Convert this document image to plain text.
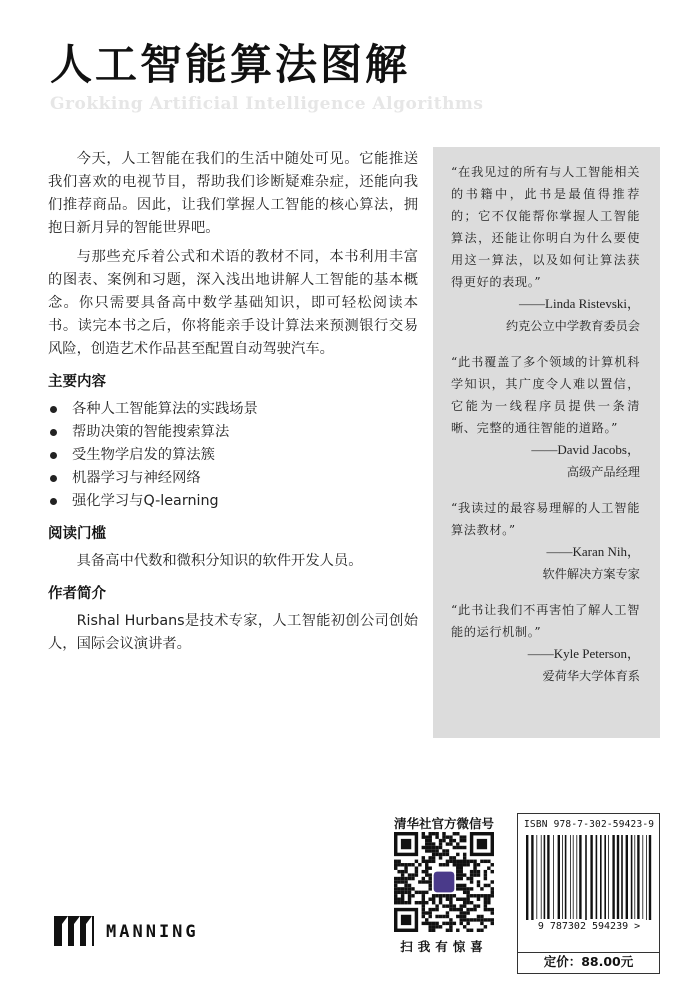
人工智能算法图解
Grokking Artificial Intelligence Algorithms

今天，人工智能在我们的生活中随处可见。它能推送我们喜欢的电视节目，帮助我们诊断疑难杂症，还能向我们推荐商品。因此，让我们掌握人工智能的核心算法，拥抱日新月异的智能世界吧。

与那些充斥着公式和术语的教材不同，本书利用丰富的图表、案例和习题，深入浅出地讲解人工智能的基本概念。你只需要具备高中数学基础知识，即可轻松阅读本书。读完本书之后，你将能亲手设计算法来预测银行交易风险，创造艺术作品甚至配置自动驾驶汽车。

主要内容
各种人工智能算法的实践场景
帮助决策的智能搜索算法
受生物学启发的算法簇
机器学习与神经网络
强化学习与Q-learning
阅读门槛

具备高中代数和微积分知识的软件开发人员。

作者简介

Rishal Hurbans是技术专家，人工智能初创公司创始人，国际会议演讲者。

“在我见过的所有与人工智能相关的书籍中，此书是最值得推荐的；它不仅能帮你掌握人工智能算法，还能让你明白为什么要使用这一算法，以及如何让算法获得更好的表现。”

——Linda Ristevski，
约克公立中学教育委员会

“此书覆盖了多个领域的计算机科学知识，其广度令人难以置信，它能为一线程序员提供一条清晰、完整的通往智能的道路。”

——David Jacobs，
高级产品经理

“我读过的最容易理解的人工智能算法教材。”

——Karan Nih，
软件解决方案专家

“此书让我们不再害怕了解人工智能的运行机制。”

——Kyle Peterson，
爱荷华大学体育系
MANNING
清华社官方微信号
扫我有惊喜
ISBN 978-7-302-59423-9
9 787302 594239 >
定价：88.00元
